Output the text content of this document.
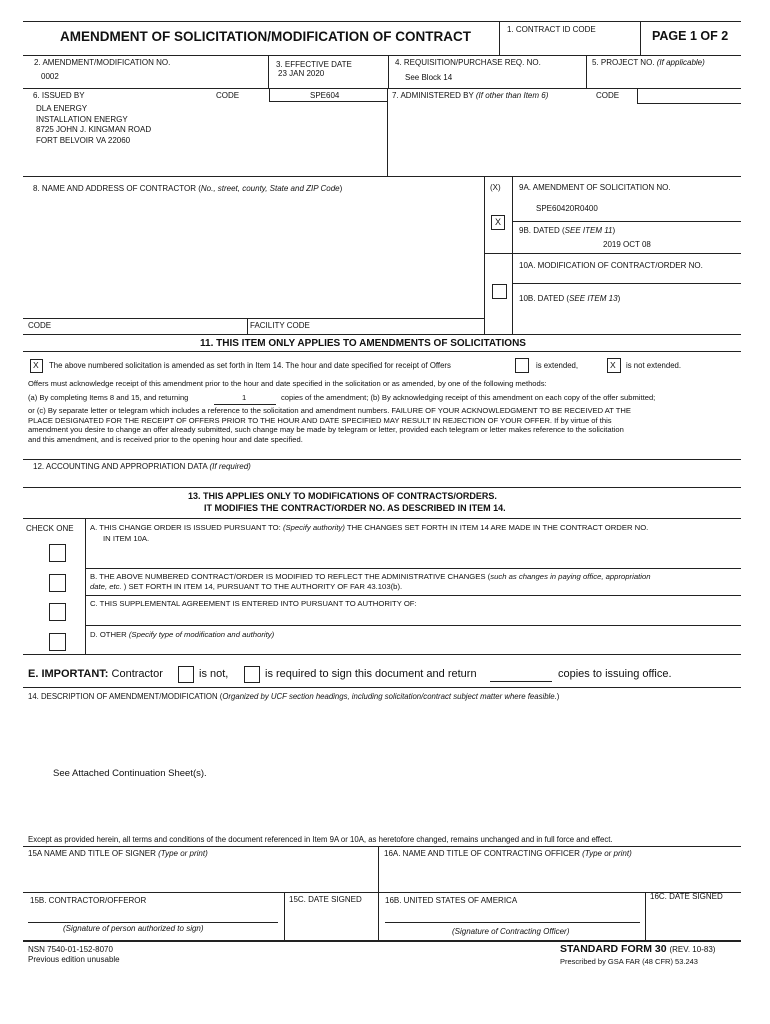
AMENDMENT OF SOLICITATION/MODIFICATION OF CONTRACT	1. CONTRACT ID CODE	PAGE 1 OF 2
2. AMENDMENT/MODIFICATION NO.
0002
3. EFFECTIVE DATE
23 JAN 2020
4. REQUISITION/PURCHASE REQ. NO.
See Block 14
5. PROJECT NO. (If applicable)
6. ISSUED BY	CODE	SPE604
DLA ENERGY
INSTALLATION ENERGY
8725 JOHN J. KINGMAN ROAD
FORT BELVOIR VA 22060
7. ADMINISTERED BY (If other than Item 6)	CODE
8. NAME AND ADDRESS OF CONTRACTOR (No., street, county, State and ZIP Code)	(X) 9A. AMENDMENT OF SOLICITATION NO.
SPE60420R0400
X
9B. DATED (SEE ITEM 11)
2019 OCT 08
10A. MODIFICATION OF CONTRACT/ORDER NO.
10B. DATED (SEE ITEM 13)
CODE	FACILITY CODE
11. THIS ITEM ONLY APPLIES TO AMENDMENTS OF SOLICITATIONS
X The above numbered solicitation is amended as set forth in Item 14. The hour and date specified for receipt of Offers	is extended,	X is not extended.
Offers must acknowledge receipt of this amendment prior to the hour and date specified in the solicitation or as amended, by one of the following methods:
(a) By completing Items 8 and 15, and returning	1	copies of the amendment; (b) By acknowledging receipt of this amendment on each copy of the offer submitted;
or (c) By separate letter or telegram which includes a reference to the solicitation and amendment numbers. FAILURE OF YOUR ACKNOWLEDGMENT TO BE RECEIVED AT THE
PLACE DESIGNATED FOR THE RECEIPT OF OFFERS PRIOR TO THE HOUR AND DATE SPECIFIED MAY RESULT IN REJECTION OF YOUR OFFER. If by virtue of this
amendment you desire to change an offer already submitted, such change may be made by telegram or letter, provided each telegram or letter makes reference to the solicitation
and this amendment, and is received prior to the opening hour and date specified.
12. ACCOUNTING AND APPROPRIATION DATA (If required)
13. THIS APPLIES ONLY TO MODIFICATIONS OF CONTRACTS/ORDERS.
IT MODIFIES THE CONTRACT/ORDER NO. AS DESCRIBED IN ITEM 14.
CHECK ONE A. THIS CHANGE ORDER IS ISSUED PURSUANT TO: (Specify authority) THE CHANGES SET FORTH IN ITEM 14 ARE MADE IN THE CONTRACT ORDER NO.
IN ITEM 10A.
B. THE ABOVE NUMBERED CONTRACT/ORDER IS MODIFIED TO REFLECT THE ADMINISTRATIVE CHANGES (such as changes in paying office, appropriation
date, etc. ) SET FORTH IN ITEM 14, PURSUANT TO THE AUTHORITY OF FAR 43.103(b).
C. THIS SUPPLEMENTAL AGREEMENT IS ENTERED INTO PURSUANT TO AUTHORITY OF:
D. OTHER (Specify type of modification and authority)
E. IMPORTANT: Contractor	is not,	is required to sign this document and return	copies to issuing office.
14. DESCRIPTION OF AMENDMENT/MODIFICATION (Organized by UCF section headings, including solicitation/contract subject matter where feasible.)
See Attached Continuation Sheet(s).
Except as provided herein, all terms and conditions of the document referenced in Item 9A or 10A, as heretofore changed, remains unchanged and in full force and effect.
15A NAME AND TITLE OF SIGNER (Type or print)	16A. NAME AND TITLE OF CONTRACTING OFFICER (Type or print)
15B. CONTRACTOR/OFFEROR	15C. DATE SIGNED	16B. UNITED STATES OF AMERICA	16C. DATE SIGNED
(Signature of person authorized to sign)	(Signature of Contracting Officer)
NSN 7540-01-152-8070
Previous edition unusable
STANDARD FORM 30 (REV. 10-83)
Prescribed by GSA FAR (48 CFR) 53.243
